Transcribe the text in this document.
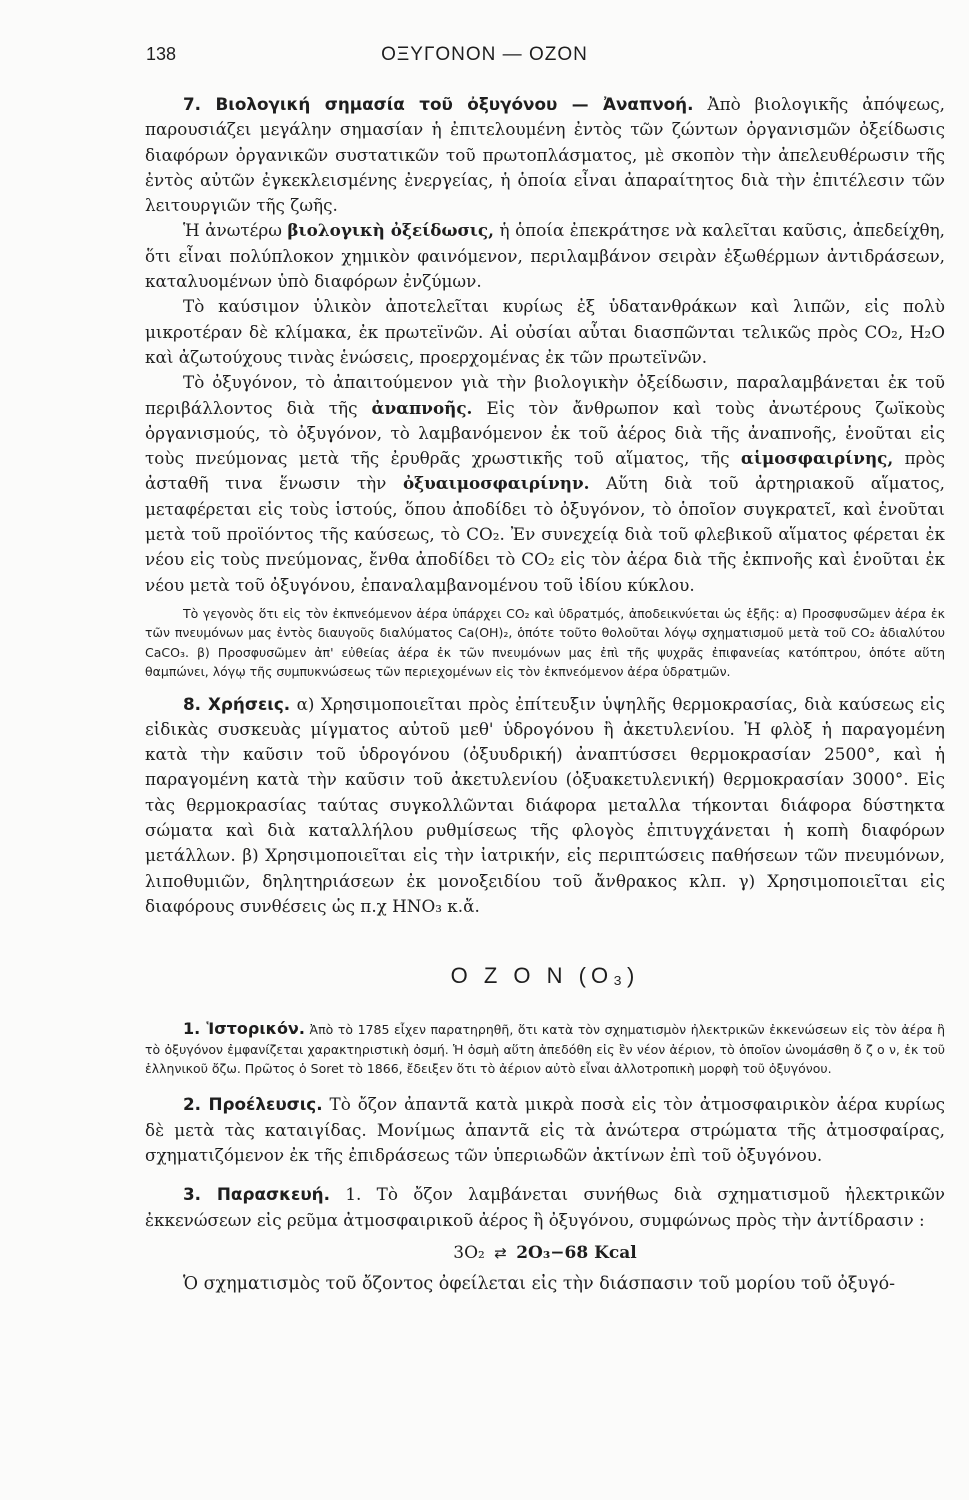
138	ΟΞΥΓΟΝΟΝ — ΟΖΟΝ

7. Βιολογική σημασία τοῦ ὀξυγόνου — Ἀναπνοή. Ἀπὸ βιολογικῆς ἀπόψεως, παρουσιάζει μεγάλην σημασίαν ἡ ἐπιτελουμένη ἐντὸς τῶν ζώντων ὀργανισμῶν ὀξείδωσις διαφόρων ὀργανικῶν συστατικῶν τοῦ πρωτοπλάσματος, μὲ σκοπὸν τὴν ἀπελευθέρωσιν τῆς ἐντὸς αὐτῶν ἐγκεκλεισμένης ἐνεργείας, ἡ ὁποία εἶναι ἀπαραίτητος διὰ τὴν ἐπιτέλεσιν τῶν λειτουργιῶν τῆς ζωῆς.

Ἡ ἀνωτέρω βιολογικὴ ὀξείδωσις, ἡ ὁποία ἐπεκράτησε νὰ καλεῖται καῦσις, ἀπεδείχθη, ὅτι εἶναι πολύπλοκον χημικὸν φαινόμενον, περιλαμβάνον σειρὰν ἐξωθέρμων ἀντιδράσεων, καταλυομένων ὑπὸ διαφόρων ἐνζύμων.

Τὸ καύσιμον ὑλικὸν ἀποτελεῖται κυρίως ἐξ ὑδατανθράκων καὶ λιπῶν, εἰς πολὺ μικροτέραν δὲ κλίμακα, ἐκ πρωτεϊνῶν. Αἱ οὐσίαι αὗται διασπῶνται τελικῶς πρὸς CO₂, H₂O καὶ ἀζωτούχους τινὰς ἑνώσεις, προερχομένας ἐκ τῶν πρωτεϊνῶν.

Τὸ ὀξυγόνον, τὸ ἀπαιτούμενον γιὰ τὴν βιολογικὴν ὀξείδωσιν, παραλαμβάνεται ἐκ τοῦ περιβάλλοντος διὰ τῆς ἀναπνοῆς. Εἰς τὸν ἄνθρωπον καὶ τοὺς ἀνωτέρους ζωϊκοὺς ὀργανισμούς, τὸ ὀξυγόνον, τὸ λαμβανόμενον ἐκ τοῦ ἀέρος διὰ τῆς ἀναπνοῆς, ἑνοῦται εἰς τοὺς πνεύμονας μετὰ τῆς ἐρυθρᾶς χρωστικῆς τοῦ αἵματος, τῆς αἱμοσφαιρίνης, πρὸς ἀσταθῆ τινα ἕνωσιν τὴν ὀξυαιμοσφαιρίνην. Αὕτη διὰ τοῦ ἀρτηριακοῦ αἵματος, μεταφέρεται εἰς τοὺς ἱστούς, ὅπου ἀποδίδει τὸ ὀξυγόνον, τὸ ὁποῖον συγκρατεῖ, καὶ ἑνοῦται μετὰ τοῦ προϊόντος τῆς καύσεως, τὸ CO₂. Ἐν συνεχείᾳ διὰ τοῦ φλεβικοῦ αἵματος φέρεται ἐκ νέου εἰς τοὺς πνεύμονας, ἔνθα ἀποδίδει τὸ CO₂ εἰς τὸν ἀέρα διὰ τῆς ἐκπνοῆς καὶ ἑνοῦται ἐκ νέου μετὰ τοῦ ὀξυγόνου, ἐπαναλαμβανομένου τοῦ ἰδίου κύκλου.

Τὸ γεγονὸς ὅτι εἰς τὸν ἐκπνεόμενον ἀέρα ὑπάρχει CO₂ καὶ ὑδρατμός, ἀποδεικνύεται ὡς ἑξῆς: α) Προσφυσῶμεν ἀέρα ἐκ τῶν πνευμόνων μας ἐντὸς διαυγοῦς διαλύματος Ca(OH)₂, ὁπότε τοῦτο θολοῦται λόγῳ σχηματισμοῦ μετὰ τοῦ CO₂ ἀδιαλύτου CaCO₃. β) Προσφυσῶμεν ἀπ' εὐθείας ἀέρα ἐκ τῶν πνευμόνων μας ἐπὶ τῆς ψυχρᾶς ἐπιφανείας κατόπτρου, ὁπότε αὕτη θαμπώνει, λόγῳ τῆς συμπυκνώσεως τῶν περιεχομένων εἰς τὸν ἐκπνεόμενον ἀέρα ὑδρατμῶν.

8. Χρήσεις. α) Χρησιμοποιεῖται πρὸς ἐπίτευξιν ὑψηλῆς θερμοκρασίας, διὰ καύσεως εἰς εἰδικὰς συσκευὰς μίγματος αὐτοῦ μεθ' ὑδρογόνου ἢ ἀκετυλενίου. Ἡ φλὸξ ἡ παραγομένη κατὰ τὴν καῦσιν τοῦ ὑδρογόνου (ὀξυυδρική) ἀναπτύσσει θερμοκρασίαν 2500°, καὶ ἡ παραγομένη κατὰ τὴν καῦσιν τοῦ ἀκετυλενίου (ὀξυακετυλενική) θερμοκρασίαν 3000°. Εἰς τὰς θερμοκρασίας ταύτας συγκολλῶνται διάφορα μεταλλα τήκονται διάφορα δύστηκτα σώματα καὶ διὰ καταλλήλου ρυθμίσεως τῆς φλογὸς ἐπιτυγχάνεται ἡ κοπὴ διαφόρων μετάλλων. β) Χρησιμοποιεῖται εἰς τὴν ἰατρικήν, εἰς περιπτώσεις παθήσεων τῶν πνευμόνων, λιποθυμιῶν, δηλητηριάσεων ἐκ μονοξειδίου τοῦ ἄνθρακος κλπ. γ) Χρησιμοποιεῖται εἰς διαφόρους συνθέσεις ὡς π.χ HNO₃ κ.ἄ.

Ο Ζ Ο Ν (O₃)

1. Ἱστορικόν. Ἀπὸ τὸ 1785 εἶχεν παρατηρηθῆ, ὅτι κατὰ τὸν σχηματισμὸν ἠλεκτρικῶν ἐκκενώσεων εἰς τὸν ἀέρα ἢ τὸ ὀξυγόνον ἐμφανίζεται χαρακτηριστικὴ ὀσμή. Ἡ ὀσμὴ αὕτη ἀπεδόθη εἰς ἓν νέον ἀέριον, τὸ ὁποῖον ὠνομάσθη ὄ ζ ο ν, ἐκ τοῦ ἑλληνικοῦ ὄζω. Πρῶτος ὁ Soret τὸ 1866, ἔδειξεν ὅτι τὸ ἀέριον αὐτὸ εἶναι ἀλλοτροπικὴ μορφὴ τοῦ ὀξυγόνου.

2. Προέλευσις. Τὸ ὄζον ἀπαντᾶ κατὰ μικρὰ ποσὰ εἰς τὸν ἀτμοσφαιρικὸν ἀέρα κυρίως δὲ μετὰ τὰς καταιγίδας. Μονίμως ἀπαντᾶ εἰς τὰ ἀνώτερα στρώματα τῆς ἀτμοσφαίρας, σχηματιζόμενον ἐκ τῆς ἐπιδράσεως τῶν ὑπεριωδῶν ἀκτίνων ἐπὶ τοῦ ὀξυγόνου.

3. Παρασκευή. 1. Τὸ ὄζον λαμβάνεται συνήθως διὰ σχηματισμοῦ ἠλεκτρικῶν ἐκκενώσεων εἰς ρεῦμα ἀτμοσφαιρικοῦ ἀέρος ἢ ὀξυγόνου, συμφώνως πρὸς τὴν ἀντίδρασιν :

3O₂ ⇄ 2O₃−68 Kcal

Ὁ σχηματισμὸς τοῦ ὄζοντος ὀφείλεται εἰς τὴν διάσπασιν τοῦ μορίου τοῦ ὀξυγό-
